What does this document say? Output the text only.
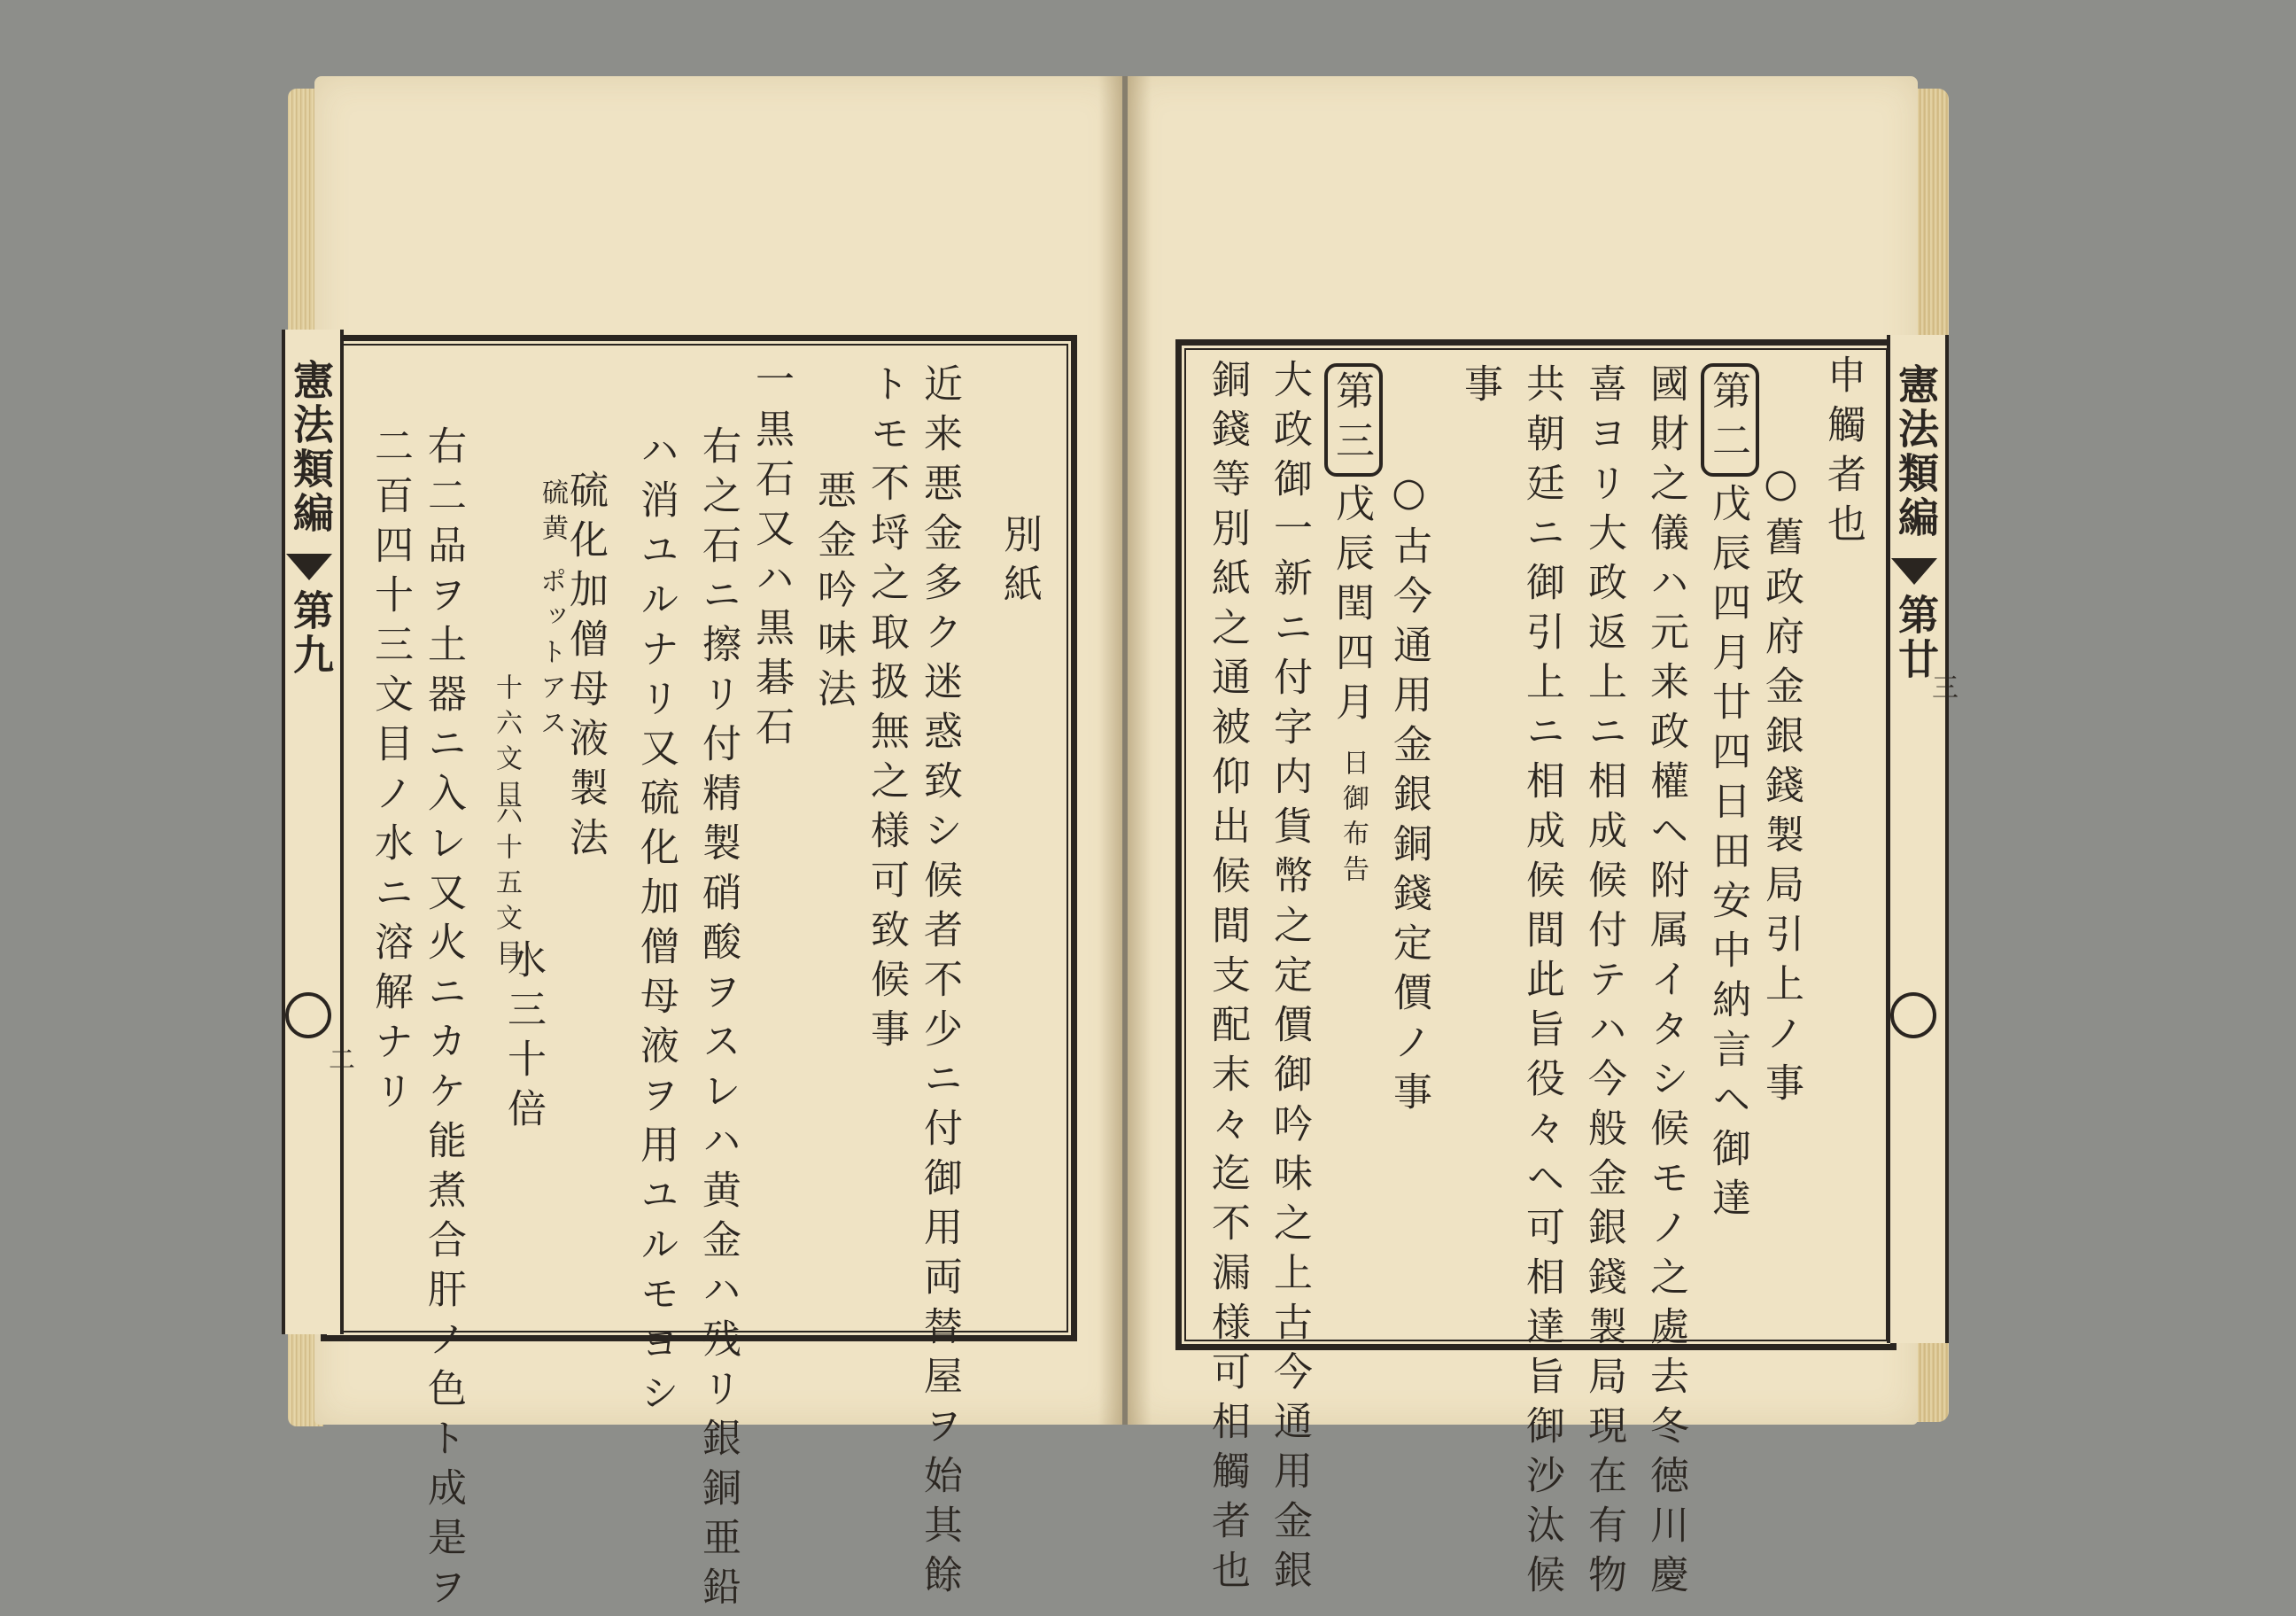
憲法類編
第九
二
別紙
近来悪金多ク迷惑致シ候者不少ニ付御用両替屋ヲ始其餘
トモ不埒之取扱無之様可致候事
悪金吟味法
一黒石又ハ黒碁石
右之石ニ擦リ付精製硝酸ヲスレハ黄金ハ残リ銀銅亜鉛
ハ消ユルナリ又硫化加僧母液ヲ用ユルモヨシ
硫化加僧母液製法
硫黄
ポットアス
十六文目
六十五文目
水三十倍
右二品ヲ土器ニ入レ又火ニカケ能煮合肝ノ色ト成是ヲ
二百四十三文目ノ水ニ溶解ナリ	憲法類編
第廿
三
申觸者也
○舊政府金銀錢製局引上ノ事
第二
戊辰四月廿四日田安中納言ヘ御達
國財之儀ハ元来政權ヘ附属イタシ候モノ之處去冬徳川慶
喜ヨリ大政返上ニ相成候付テハ今般金銀錢製局現在有物
共朝廷ニ御引上ニ相成候間此旨役々ヘ可相達旨御沙汰候
事
○古今通用金銀銅錢定價ノ事
第三
戊辰閏四月
日御布告
大政御一新ニ付字内貨幣之定價御吟味之上古今通用金銀
銅錢等別紙之通被仰出候間支配末々迄不漏様可相觸者也
